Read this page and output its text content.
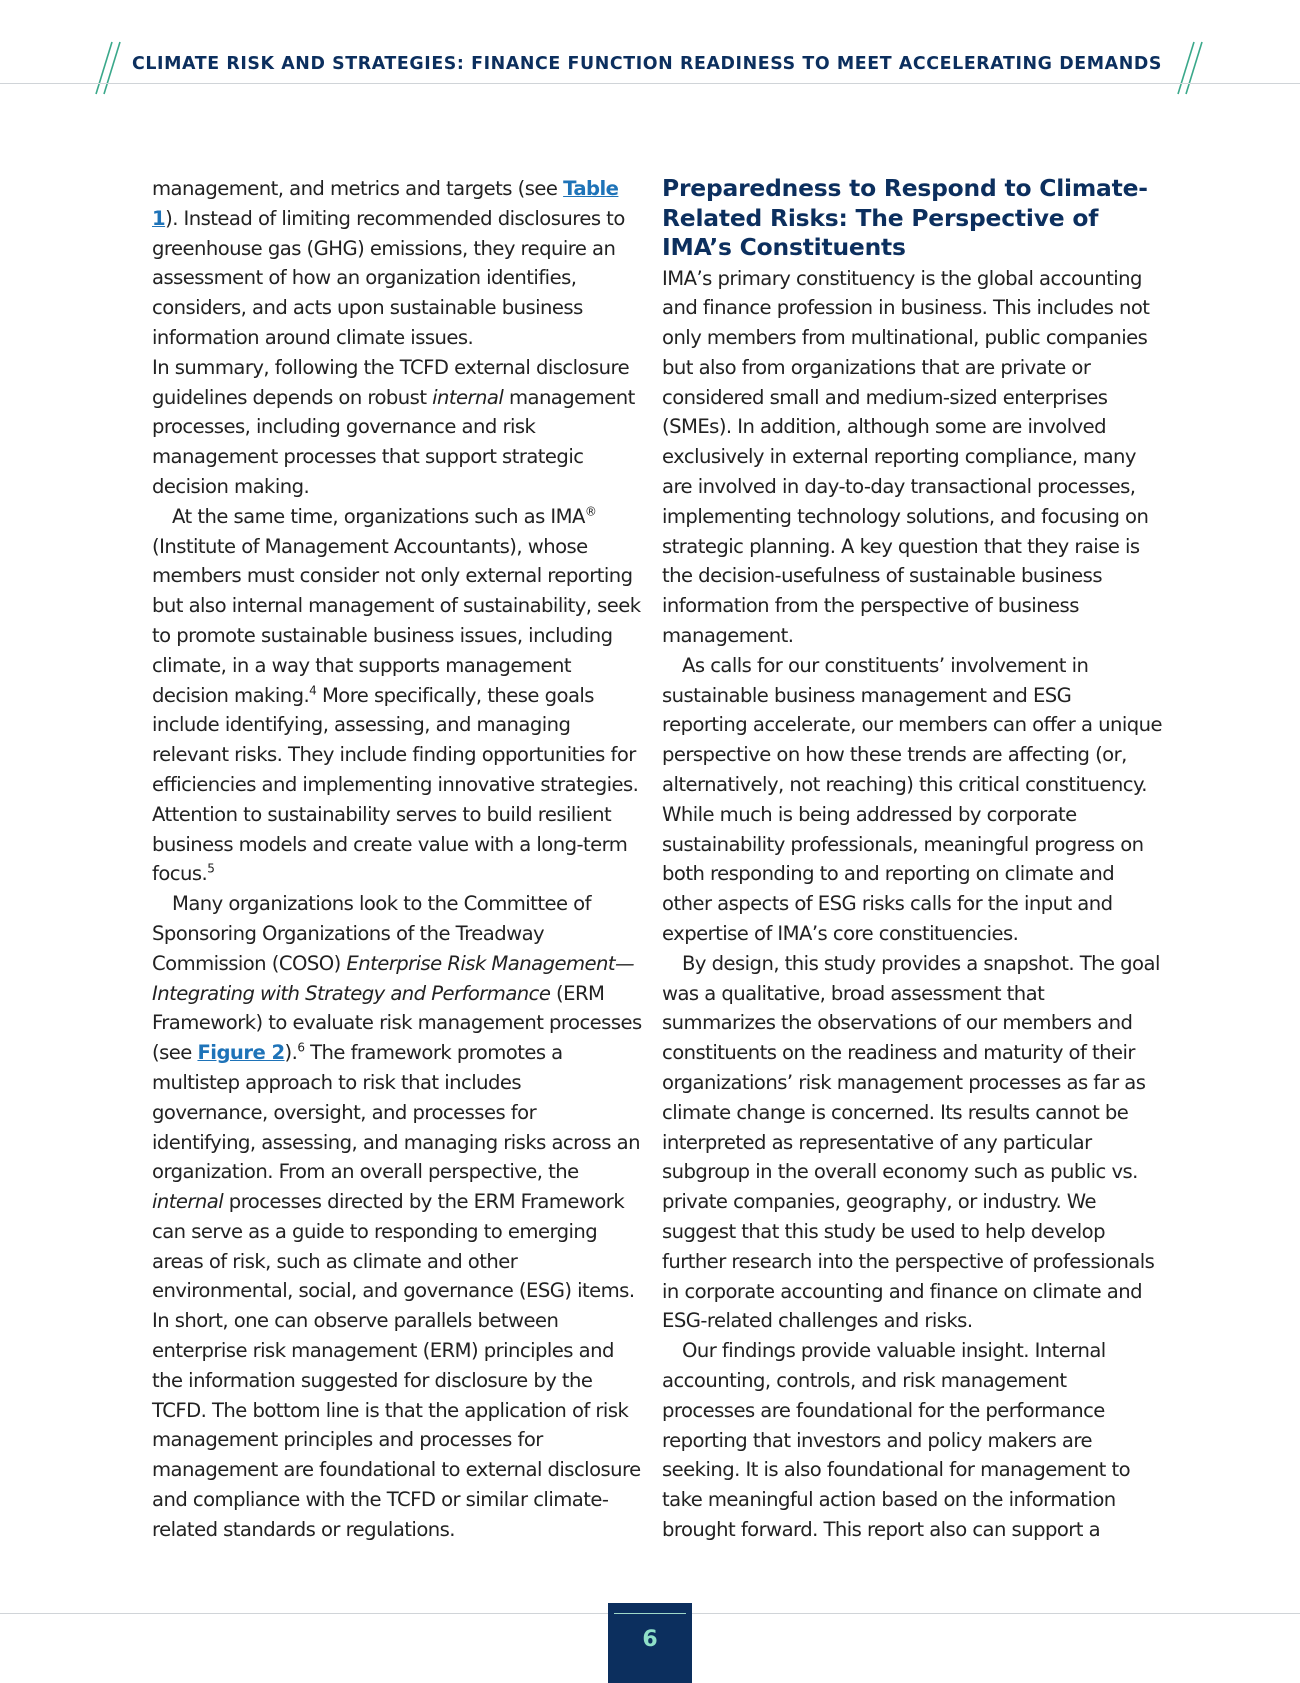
CLIMATE RISK AND STRATEGIES: FINANCE FUNCTION READINESS TO MEET ACCELERATING DEMANDS

management, and metrics and targets (see Table 1). Instead of limiting recommended disclosures to greenhouse gas (GHG) emissions, they require an assessment of how an organization identifies, considers, and acts upon sustainable business information around climate issues.

In summary, following the TCFD external disclosure guidelines depends on robust internal management processes, including governance and risk management processes that support strategic decision making.

At the same time, organizations such as IMA® (Institute of Management Accountants), whose members must consider not only external reporting but also internal management of sustainability, seek to promote sustainable business issues, including climate, in a way that supports management decision making.$^4$ More specifically, these goals include identifying, assessing, and managing relevant risks. They include finding opportunities for efficiencies and implementing innovative strategies. Attention to sustainability serves to build resilient business models and create value with a long-term focus.$^5$

Many organizations look to the Committee of Sponsoring Organizations of the Treadway Commission (COSO) Enterprise Risk Management—Integrating with Strategy and Performance (ERM Framework) to evaluate risk management processes (see Figure 2).$^6$ The framework promotes a multistep approach to risk that includes governance, oversight, and processes for identifying, assessing, and managing risks across an organization. From an overall perspective, the internal processes directed by the ERM Framework can serve as a guide to responding to emerging areas of risk, such as climate and other environmental, social, and governance (ESG) items. In short, one can observe parallels between enterprise risk management (ERM) principles and the information suggested for disclosure by the TCFD. The bottom line is that the application of risk management principles and processes for management are foundational to external disclosure and compliance with the TCFD or similar climate-related standards or regulations.

Preparedness to Respond to Climate-Related Risks: The Perspective of IMA’s Constituents

IMA’s primary constituency is the global accounting and finance profession in business. This includes not only members from multinational, public companies but also from organizations that are private or considered small and medium-sized enterprises (SMEs). In addition, although some are involved exclusively in external reporting compliance, many are involved in day-to-day transactional processes, implementing technology solutions, and focusing on strategic planning. A key question that they raise is the decision-usefulness of sustainable business information from the perspective of business management.

As calls for our constituents’ involvement in sustainable business management and ESG reporting accelerate, our members can offer a unique perspective on how these trends are affecting (or, alternatively, not reaching) this critical constituency. While much is being addressed by corporate sustainability professionals, meaningful progress on both responding to and reporting on climate and other aspects of ESG risks calls for the input and expertise of IMA’s core constituencies.

By design, this study provides a snapshot. The goal was a qualitative, broad assessment that summarizes the observations of our members and constituents on the readiness and maturity of their organizations’ risk management processes as far as climate change is concerned. Its results cannot be interpreted as representative of any particular subgroup in the overall economy such as public vs. private companies, geography, or industry. We suggest that this study be used to help develop further research into the perspective of professionals in corporate accounting and finance on climate and ESG-related challenges and risks.

Our findings provide valuable insight. Internal accounting, controls, and risk management processes are foundational for the performance reporting that investors and policy makers are seeking. It is also foundational for management to take meaningful action based on the information brought forward. This report also can support a

6
